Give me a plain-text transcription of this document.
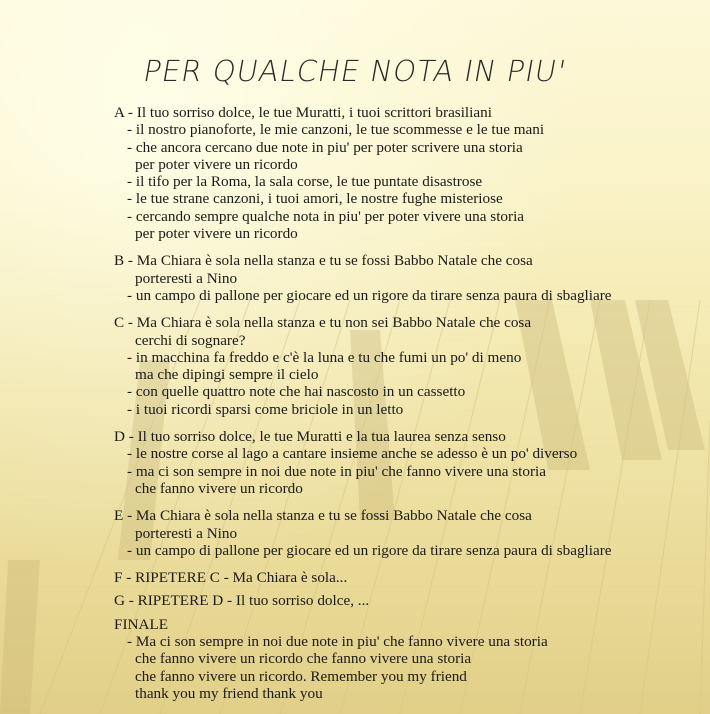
PER QUALCHE NOTA IN PIU'
A - Il tuo sorriso dolce, le tue Muratti, i tuoi scrittori brasiliani
- il nostro pianoforte, le mie canzoni, le tue scommesse e le tue mani
- che ancora cercano due note in piu' per poter scrivere una storia
per poter vivere un ricordo
- il tifo per la Roma, la sala corse, le tue puntate disastrose
- le tue strane canzoni, i tuoi amori, le nostre fughe misteriose
- cercando sempre qualche nota in piu' per poter vivere una storia
per poter vivere un ricordo
B - Ma Chiara è sola nella stanza e tu se fossi Babbo Natale che cosa
porteresti a Nino
- un campo di pallone per giocare ed un rigore da tirare senza paura di sbagliare
C - Ma Chiara è sola nella stanza e tu non sei Babbo Natale che cosa
cerchi di sognare?
- in macchina fa freddo e c'è la luna e tu che fumi un po' di meno
ma che dipingi sempre il cielo
- con quelle quattro note che hai nascosto in un cassetto
- i tuoi ricordi sparsi come briciole in un letto
D - Il tuo sorriso dolce, le tue Muratti e la tua laurea senza senso
- le nostre corse al lago a cantare insieme anche se adesso è un po' diverso
- ma ci son sempre in noi due note in piu' che fanno vivere una storia
che fanno vivere un ricordo
E - Ma Chiara è sola nella stanza e tu se fossi Babbo Natale che cosa
porteresti a Nino
- un campo di pallone per giocare ed un rigore da tirare senza paura di sbagliare
F - RIPETERE C - Ma Chiara è sola...
G - RIPETERE D - Il tuo sorriso dolce, ...
FINALE
- Ma ci son sempre in noi due note in piu' che fanno vivere una storia
che fanno vivere un ricordo che fanno vivere una storia
che fanno vivere un ricordo. Remember you my friend
thank you my friend thank you
